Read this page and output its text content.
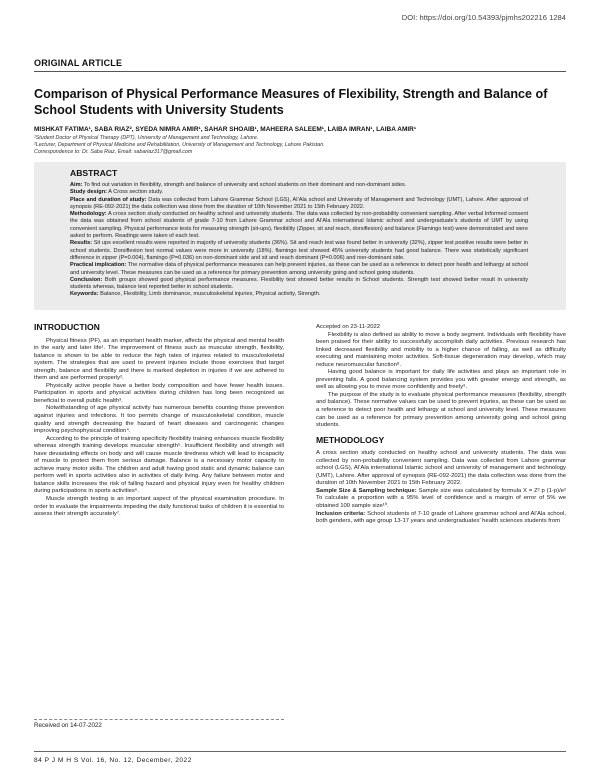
DOI: https://doi.org/10.54393/pjmhs202216 1284
ORIGINAL ARTICLE
Comparison of Physical Performance Measures of Flexibility, Strength and Balance of School Students with University Students
MISHKAT FATIMA¹, SABA RIAZ², SYEDA NIMRA AMIR¹, SAHAR SHOAIB¹, MAHEERA SALEEM¹, LAIBA IMRAN¹, LAIBA AMIR¹
¹Student Doctor of Physical Therapy (DPT), University of Management and Technology, Lahore.
²Lecturer, Department of Physical Medicine and Rehabilitation, University of Management and Technology, Lahore Pakistan.
Correspondence to: Dr. Saba Riaz, Email: sabariaz317@gmail.com
ABSTRACT

Aim: To find out variation in flexibility, strength and balance of university and school students on their dominant and non-dominant sides.

Study design: A Cross section study.

Place and duration of study: Data was collected from Lahore Grammar School (LGS), Al’Ala school and University of Management and Technology (UMT), Lahore. After approval of synopsis (RE-092-2021) the data collection was done from the duration of 10th November 2021 to 15th February 2022.

Methodology: A cross section study conducted on healthy school and university students. The data was collected by non-probability convenient sampling. After verbal Informed consent the data was obtained from school students of grade 7-10 from Lahore Grammar school and Al’Ala international Islamic school and undergraduate’s students of UMT by using convenient sampling. Physical performance tests for measuring strength (sit-ups), flexibility (Zipper, sit and reach, dorsiflexion) and balance (Flamingo test) were demonstrated and were asked to perform. Readings were taken of each test.

Results: Sit ups excellent results were reported in majority of university students (36%). Sit and reach test was found better in university (32%), zipper test positive results were better in school students. Dorsiflexion test normal values were more in university (18%). flamingo test showed 45% university students had good balance. There was statistically significant difference in zipper (P=0.004), flamingo (P=0.036) on non-dominant side and sit and reach dominant (P=0.006) and non-dominant side.

Practical implication: The normative data of physical performance measures can help prevent injuries, as these can be used as a reference to detect poor health and lethargy at school and university level. These measures can be used as a reference for primary prevention among university going and school going students.

Conclusion: Both groups showed good physical performance measures. Flexibility test showed better results in School students. Strength test showed better result in university students whereas, balance test reported better in school students.

Keywords: Balance, Flexibility, Limb dominance, musculoskeletal injuries, Physical activity, Strength.

INTRODUCTION

Physical fitness (PF), as an important health marker, affects the physical and mental health in the early and later life¹. The improvement of fitness such as muscular strength, flexibility, balance is shown to be able to reduce the high rates of injuries related to musculoskeletal system. The strategies that are used to prevent injuries include those exercises that target strength, balance and flexibility and there is marked depletion in injuries if we are adhered to them and are performed properly².

Physically active people have a better body composition and have fewer health issues. Participation in sports and physical activities during children has long been recognized as beneficial to overall public health³.

Notwithstanding of age physical activity has numerous benefits counting those prevention against injuries and infections. It too permits change of musculoskeletal condition, muscle quality and strength decreasing the hazard of heart diseases and carcinogenic changes improving psychophysical condition⁴.

According to the principle of training specificity flexibility training enhances muscle flexibility whereas strength training develops muscular strength⁵. Insufficient flexibility and strength will have devastating effects on body and will cause muscle tiredness which will lead to incapacity of muscle to protect them from serious damage. Balance is a necessary motor capacity to achieve many motor skills. The children and adult having good static and dynamic balance can perform well in sports activities also in activities of daily living. Any failure between motor and balance skills increases the risk of falling hazard and physical injury even for healthy children during participations in sports activities⁶.

Muscle strength testing is an important aspect of the physical examination procedure. In order to evaluate the impairments impeding the daily functional tasks of children it is essential to assess their strength accurately⁷.

Received on 14-07-2022

Accepted on 23-11-2022

Flexibility is also defined as ability to move a body segment. Individuals with flexibility have been praised for their ability to successfully accomplish daily activities. Previous research has linked decreased flexibility and mobility to a higher chance of falling, as well as difficulty executing and maintaining motor activities. Soft-tissue degeneration may develop, which may reduce neuromuscular function⁸.

Having good balance is important for daily life activities and plays an important role in preventing falls. A good balancing system provides you with greater energy and strength, as well as allowing you to move more confidently and freely⁹.

The purpose of the study is to evaluate physical performance measures (flexibility, strength and balance). These normative values can be used to prevent injuries, as these can be used as a reference to detect poor health and lethargy at school and university level. These measures can be used as a reference for primary prevention among university going and school going students.

METHODOLOGY

A cross section study conducted on healthy school and university students. The data was collected by non-probability convenient sampling. Data was collected from Lahore grammar school (LGS), Al’Ala international Islamic school and university of management and technology (UMT), Lahore. After approval of synopsis (RE-092-2021) the data collection was done from the duration of 10th November 2021 to 15th February 2022.

Sample Size & Sampling technique: Sample size was calculated by formula X = Z² p (1-p)/e² To calculate a proportion with a 95% level of confidence and a margin of error of 5% we obtained 100 sample size¹⁰.

Inclusion criteria: School students of 7-10 grade of Lahore grammar school and Al’Ala school, both genders, with age group 13-17 years and undergraduates’ health sciences students from

84 P J M H S Vol. 16, No. 12, December, 2022
